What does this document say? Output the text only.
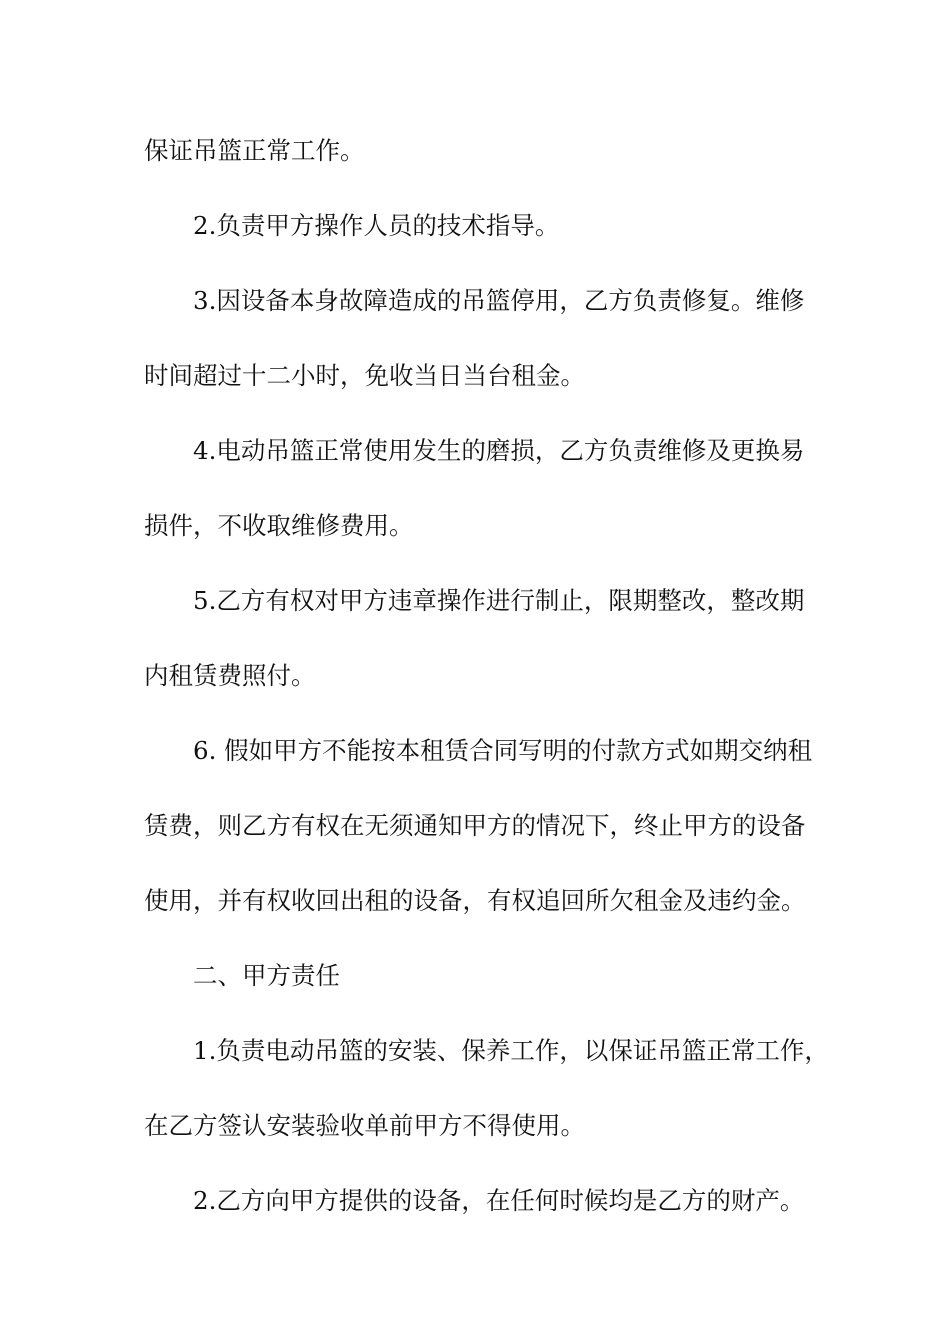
保证吊篮正常工作。
2.负责甲方操作人员的技术指导。
3.因设备本身故障造成的吊篮停用，乙方负责修复。维修
时间超过十二小时，免收当日当台租金。
4.电动吊篮正常使用发生的磨损，乙方负责维修及更换易
损件，不收取维修费用。
5.乙方有权对甲方违章操作进行制止，限期整改，整改期
内租赁费照付。
6. 假如甲方不能按本租赁合同写明的付款方式如期交纳租
赁费，则乙方有权在无须通知甲方的情况下，终止甲方的设备
使用，并有权收回出租的设备，有权追回所欠租金及违约金。
二、甲方责任
1.负责电动吊篮的安装、保养工作，以保证吊篮正常工作，
在乙方签认安装验收单前甲方不得使用。
2.乙方向甲方提供的设备，在任何时候均是乙方的财产。
